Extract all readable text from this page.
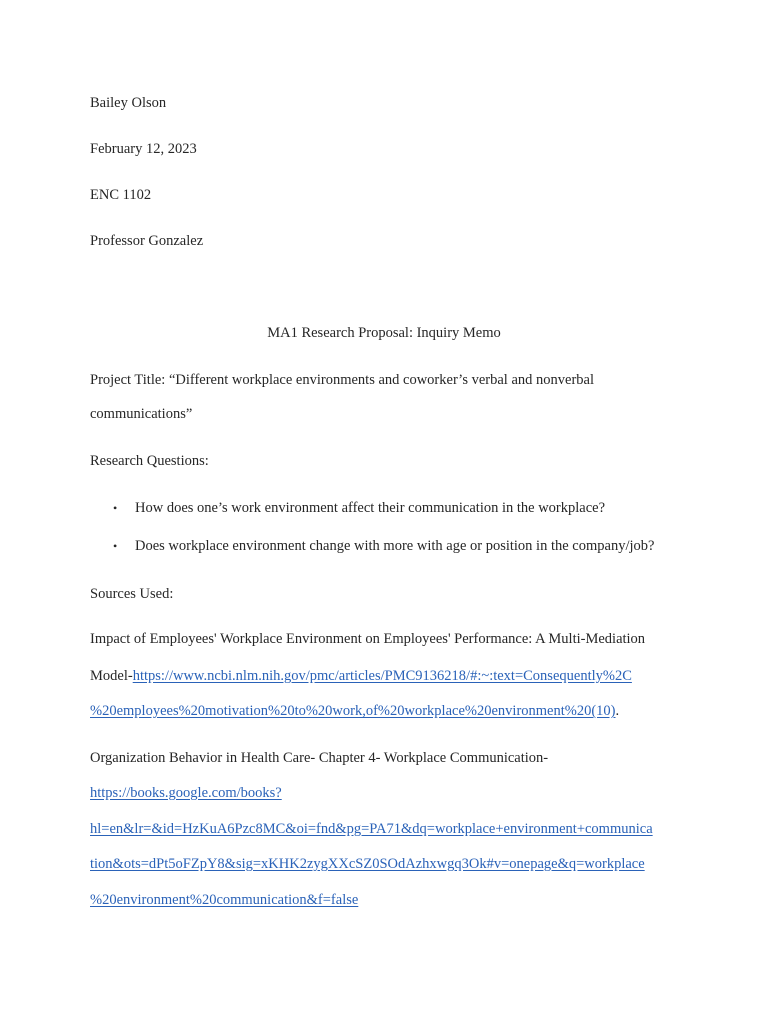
Bailey Olson
February 12, 2023
ENC 1102
Professor Gonzalez
MA1 Research Proposal: Inquiry Memo
Project Title: “Different workplace environments and coworker’s verbal and nonverbal
communications”
Research Questions:
• How does one’s work environment affect their communication in the workplace?
• Does workplace environment change with more with age or position in the company/job?
Sources Used:
Impact of Employees' Workplace Environment on Employees' Performance: A Multi-Mediation
Model-https://www.ncbi.nlm.nih.gov/pmc/articles/PMC9136218/#:~:text=Consequently%2C
%20employees%20motivation%20to%20work,of%20workplace%20environment%20(10).
Organization Behavior in Health Care- Chapter 4- Workplace Communication-
https://books.google.com/books?
hl=en&lr=&id=HzKuA6Pzc8MC&oi=fnd&pg=PA71&dq=workplace+environment+communica
tion&ots=dPt5oFZpY8&sig=xKHK2zygXXcSZ0SOdAzhxwgq3Ok#v=onepage&q=workplace
%20environment%20communication&f=false
